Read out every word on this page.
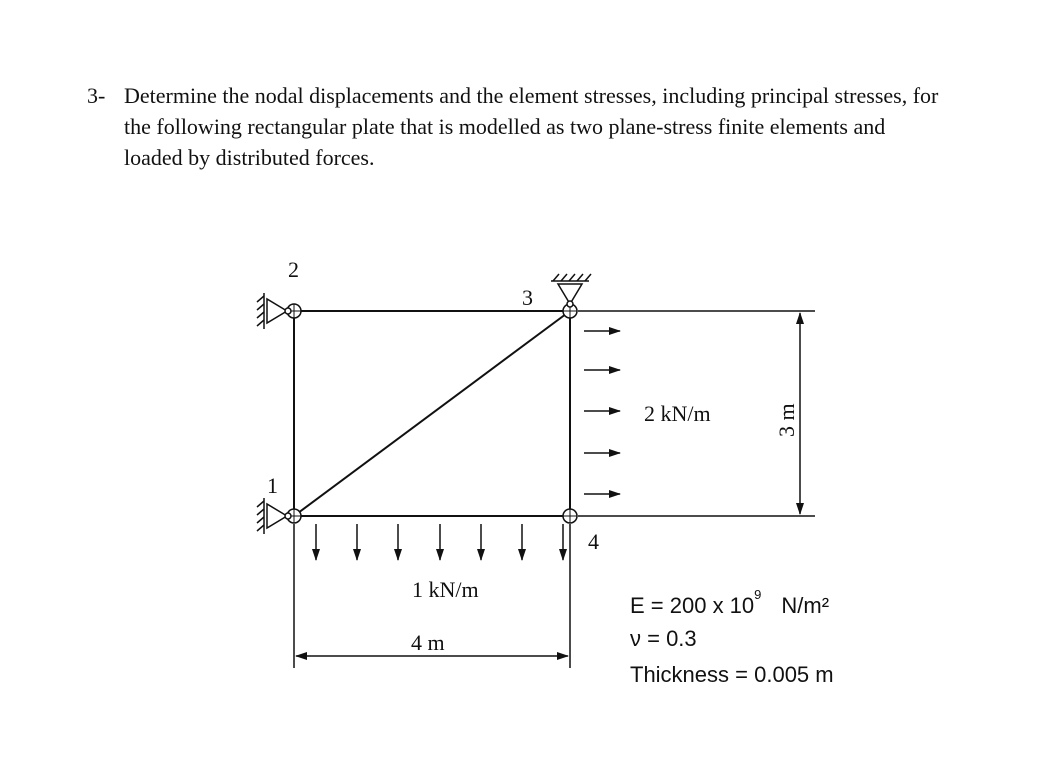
3- Determine the nodal displacements and the element stresses, including principal stresses, for
the following rectangular plate that is modelled as two plane-stress finite elements and
loaded by distributed forces.
1
2
3
4
1 kN/m
2 kN/m
4 m
3 m
E = 200 x $10^9$ N/m²
ν = 0.3
Thickness = 0.005 m
